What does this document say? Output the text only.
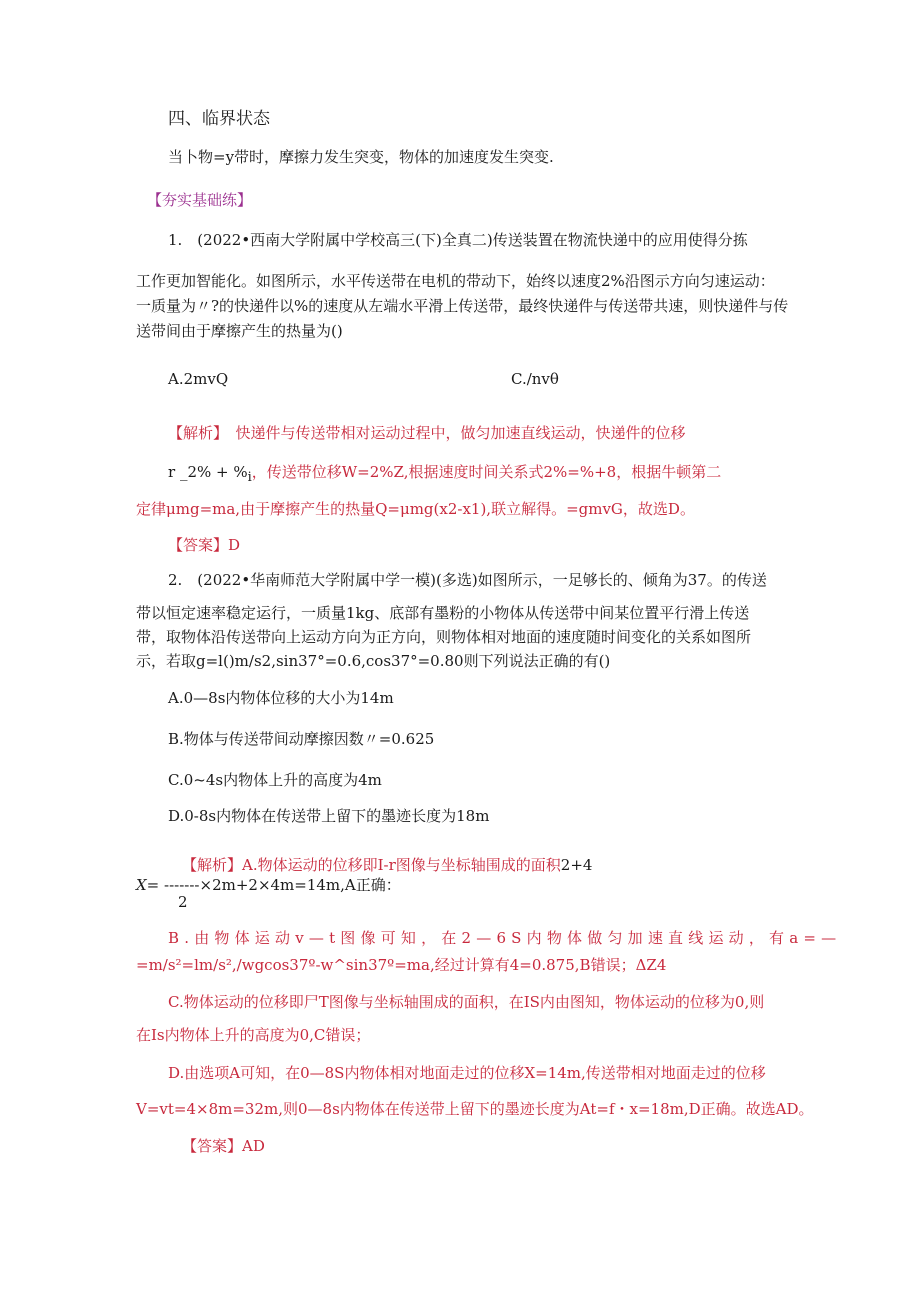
四、临界状态
当卜物=y带时，摩擦力发生突变，物体的加速度发生突变.
【夯实基础练】
1.　(2022•西南大学附属中学校高三(下)全真二)传送装置在物流快递中的应用使得分拣
工作更加智能化。如图所示，水平传送带在电机的带动下，始终以速度2%沿图示方向匀速运动：
一质量为〃?的快递件以%的速度从左端水平滑上传送带，最终快递件与传送带共速，则快递件与传
送带间由于摩擦产生的热量为()
A.2mvQ	C./nvθ
【解析】　 快递件与传送带相对运动过程中，做匀加速直线运动，快递件的位移
r _2% + %i，传送带位移W=2%Z,根据速度时间关系式2%=%+8，根据牛顿第二
定律μmg=ma,由于摩擦产生的热量Q=μmg(x2-x1),联立解得。=gmvG，故选D。
【答案】D
2.　(2022•华南师范大学附属中学一模)(多选)如图所示，一足够长的、倾角为37。的传送
带以恒定速率稳定运行，一质量1kg、底部有墨粉的小物体从传送带中间某位置平行滑上传送
带，取物体沿传送带向上运动方向为正方向，则物体相对地面的速度随时间变化的关系如图所
示，若取g=l()m/s2,sin37°=0.6,cos37°=0.80则下列说法正确的有()
A.0—8s内物体位移的大小为14m
B.物体与传送带间动摩擦因数〃=0.625
C.0~4s内物体上升的高度为4m
D.0-8s内物体在传送带上留下的墨迹长度为18m
【解析】A.物体运动的位移即I-r图像与坐标轴围成的面积2+4
X= -------×2m+2×4m=14m,A正确：
2
B.由物体运动v—t图像可知，在2—6S内物体做匀加速直线运动，有a=—
=m/s²=lm/s²,/wgcos37º-w^sin37º=ma,经过计算有4=0.875,B错误；ΔZ4
C.物体运动的位移即尸T图像与坐标轴围成的面积，在IS内由图知，物体运动的位移为0,则
在Is内物体上升的高度为0,C错误；
D.由选项A可知，在0—8S内物体相对地面走过的位移X=14m,传送带相对地面走过的位移
V=vt=4×8m=32m,则0—8s内物体在传送带上留下的墨迹长度为At=f・x=18m,D正确。故选AD。
【答案】AD
